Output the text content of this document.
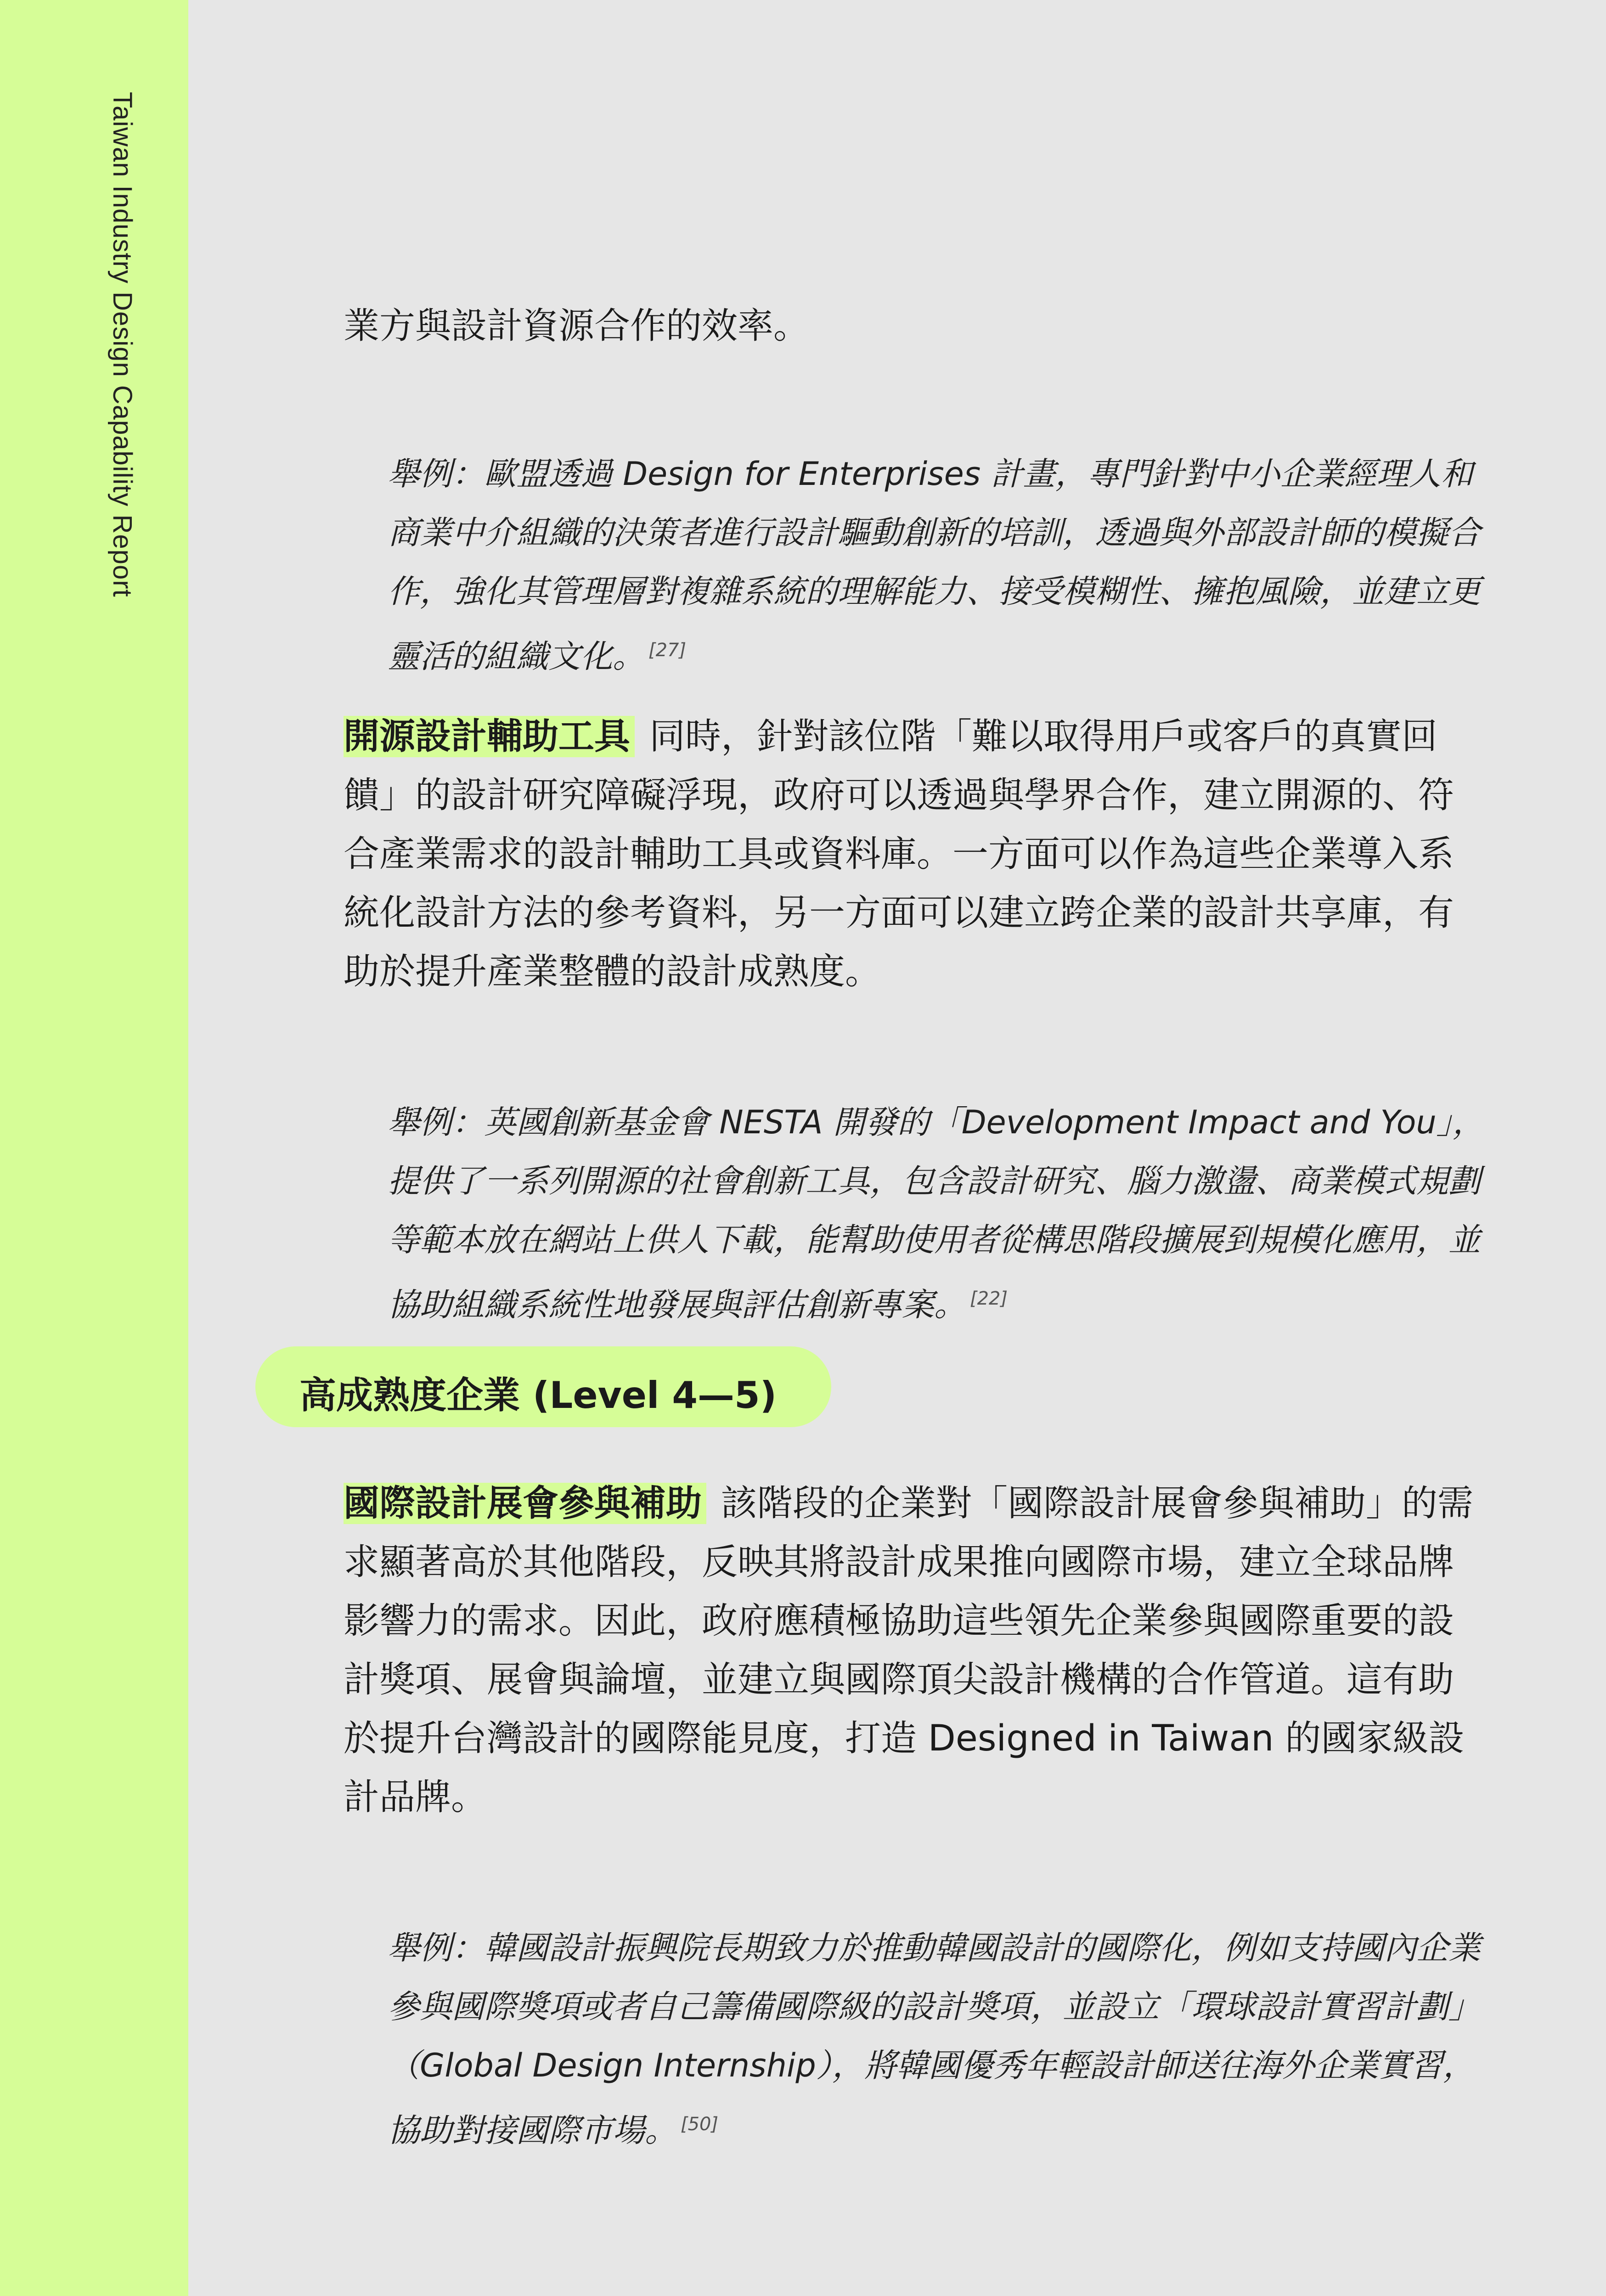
Taiwan Industry Design Capability Report	業方與設計資源合作的效率。

舉例：歐盟透過 Design for Enterprises 計畫，專門針對中小企業經理人和商業中介組織的決策者進行設計驅動創新的培訓，透過與外部設計師的模擬合作，強化其管理層對複雜系統的理解能力、接受模糊性、擁抱風險，並建立更靈活的組織文化。 [27]

開源設計輔助工具 同時，針對該位階「難以取得用戶或客戶的真實回饋」的設計研究障礙浮現，政府可以透過與學界合作，建立開源的、符合產業需求的設計輔助工具或資料庫。一方面可以作為這些企業導入系統化設計方法的參考資料，另一方面可以建立跨企業的設計共享庫，有助於提升產業整體的設計成熟度。

舉例：英國創新基金會 NESTA 開發的「Development Impact and You」，提供了一系列開源的社會創新工具，包含設計研究、腦力激盪、商業模式規劃等範本放在網站上供人下載，能幫助使用者從構思階段擴展到規模化應用，並協助組織系統性地發展與評估創新專案。 [22]

國際設計展會參與補助 該階段的企業對「國際設計展會參與補助」的需求顯著高於其他階段，反映其將設計成果推向國際市場，建立全球品牌影響力的需求。因此，政府應積極協助這些領先企業參與國際重要的設計獎項、展會與論壇，並建立與國際頂尖設計機構的合作管道。這有助於提升台灣設計的國際能見度，打造 Designed in Taiwan 的國家級設計品牌。

舉例：韓國設計振興院長期致力於推動韓國設計的國際化，例如支持國內企業參與國際獎項或者自己籌備國際級的設計獎項，並設立「環球設計實習計劃」（Global Design Internship），將韓國優秀年輕設計師送往海外企業實習，協助對接國際市場。 [50]

高成熟度企業 (Level 4—5)
